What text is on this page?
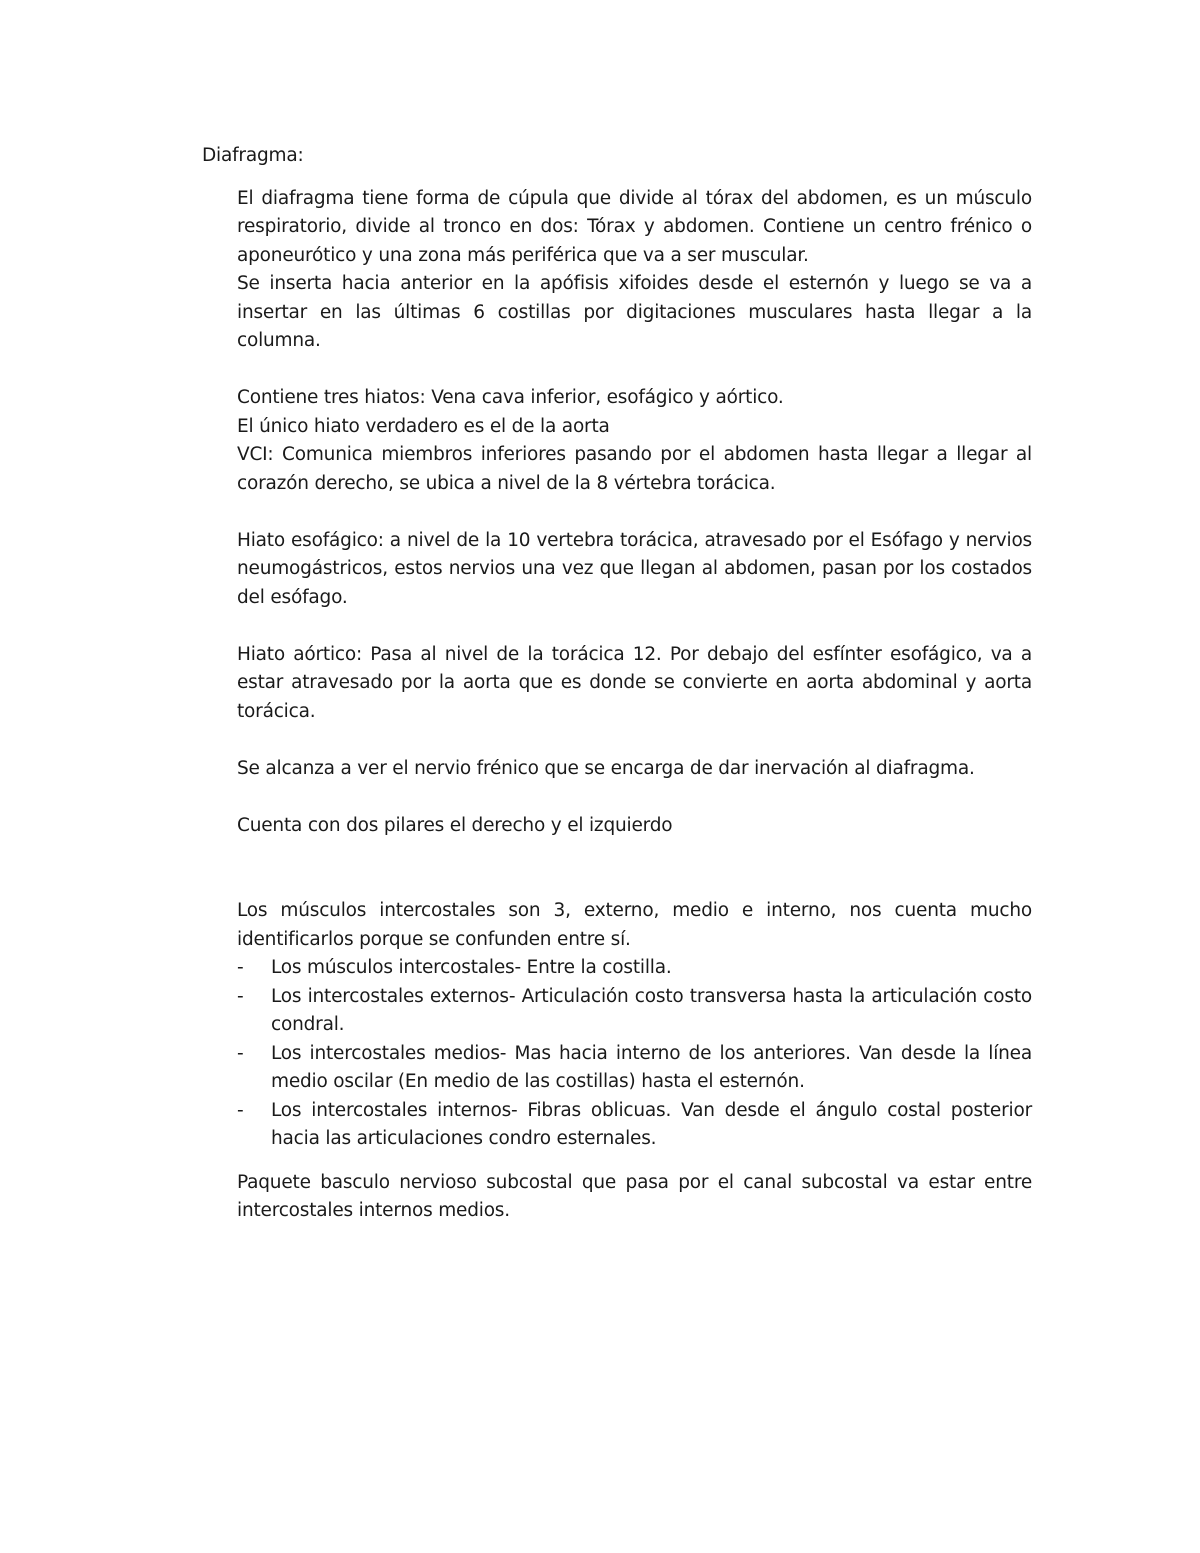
Diafragma:

El diafragma tiene forma de cúpula que divide al tórax del abdomen, es un músculo respiratorio, divide al tronco en dos: Tórax y abdomen. Contiene un centro frénico o aponeurótico y una zona más periférica que va a ser muscular.

Se inserta hacia anterior en la apófisis xifoides desde el esternón y luego se va a insertar en las últimas 6 costillas por digitaciones musculares hasta llegar a la columna.

Contiene tres hiatos: Vena cava inferior, esofágico y aórtico.

El único hiato verdadero es el de la aorta

VCI: Comunica miembros inferiores pasando por el abdomen hasta llegar a llegar al corazón derecho, se ubica a nivel de la 8 vértebra torácica.

Hiato esofágico: a nivel de la 10 vertebra torácica, atravesado por el Esófago y nervios neumogástricos, estos nervios una vez que llegan al abdomen, pasan por los costados del esófago.

Hiato aórtico: Pasa al nivel de la torácica 12. Por debajo del esfínter esofágico, va a estar atravesado por la aorta que es donde se convierte en aorta abdominal y aorta torácica.

Se alcanza a ver el nervio frénico que se encarga de dar inervación al diafragma.

Cuenta con dos pilares el derecho y el izquierdo

Los músculos intercostales son 3, externo, medio e interno, nos cuenta mucho identificarlos porque se confunden entre sí.

- Los músculos intercostales- Entre la costilla.
- Los intercostales externos- Articulación costo transversa hasta la articulación costo condral.
- Los intercostales medios- Mas hacia interno de los anteriores. Van desde la línea medio oscilar (En medio de las costillas) hasta el esternón.
- Los intercostales internos- Fibras oblicuas. Van desde el ángulo costal posterior hacia las articulaciones condro esternales.

Paquete basculo nervioso subcostal que pasa por el canal subcostal va estar entre intercostales internos medios.
